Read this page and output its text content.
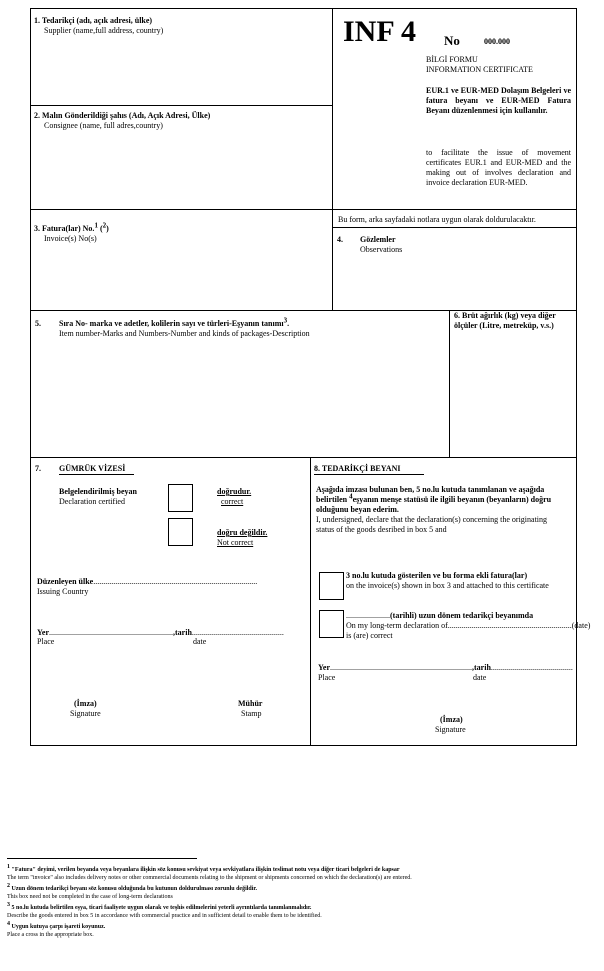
1. Tedarikçi (adı, açık adresi, ülke)
Supplier (name,full address, country)	INF 4 No	000.000
BİLGİ FORMU
INFORMATION CERTIFICATE
EUR.1 ve EUR-MED Dolaşım Belgeleri ve fatura beyanı ve EUR-MED Fatura Beyanı düzenlenmesi için kullanılır.
to facilitate the issue of movement certificates EUR.1 and EUR-MED and the making out of involves declaration and invoice declaration EUR-MED.
2. Malın Gönderildiği şahıs (Adı, Açık Adresi, Ülke)
Consignee (name, full adres,country)
3. Fatura(lar) No.$^1$ ($^2$)
Invoice(s) No(s)
Bu form, arka sayfadaki notlara uygun olarak doldurulacaktır.
4. Gözlemler
Observations
5. Sıra No- marka ve adetler, kolilerin sayı ve türleri-Eşyanın tanımı$^3$.
Item number-Marks and Numbers-Number and kinds of packages-Description
6. Brüt ağırlık (kg) veya diğer ölçüler (Litre, metreküp, v.s.)
7. GÜMRÜK VİZESİ
Belgelendirilmiş beyan
Declaration certified
doğrudur.
correct
doğru değildir.
Not correct
Düzenleyen ülke..................................................................................
Issuing Country
Yer..............................................................,tarih..............................................
Place	date
(İmza)
Signature
Mühür
Stamp
8. TEDARİKÇİ BEYANI
Aşağıda imzası bulunan ben, 5 no.lu kutuda tanımlanan ve aşağıda
belirtilen $^4$eşyanın menşe statüsü ile ilgili beyanın (beyanların) doğru
olduğunu beyan ederim.
I, undersigned, declare that the declaration(s) concerning the originating
status of the goods desribed in box 5 and
3 no.lu kutuda gösterilen ve bu forma ekli fatura(lar)
on the invoice(s) shown in box 3 and attached to this certificate
......................(tarihli) uzun dönem tedarikçi beyanımda
On my long-term declaration of..............................................................(date)
is (are) correct
Yer.......................................................................,tarih.........................................
Place	date
(İmza)
Signature
$^1$ "Fatura" deyimi, verilen beyanda veya beyanlara ilişkin söz konusu sevkiyat veya sevkiyatlara ilişkin teslimat notu veya diğer ticari belgeleri de kapsar
The term "invoice" also includes delivery notes or other commercial documents relating to the shipment or shipments concerned on which the declaration(s) are entered.
$^2$ Uzun dönem tedarikçi beyanı söz konusu olduğunda bu kutunun doldurulması zorunlu değildir.
This box need not be completed in the case of long-term declarations
$^3$ 5 no.lu kutuda belirtilen eşya, ticari faaliyete uygun olarak ve teşhis edilmelerini yeterli ayrıntılarda tanımlanmalıdır.
Describe the goods entered in box 5 in accordance with commercial practice and in sufficient detail to enable them to be identified.
$^4$ Uygun kutuya çarpı işareti koyunuz.
Place a cross in the appropriate box.
